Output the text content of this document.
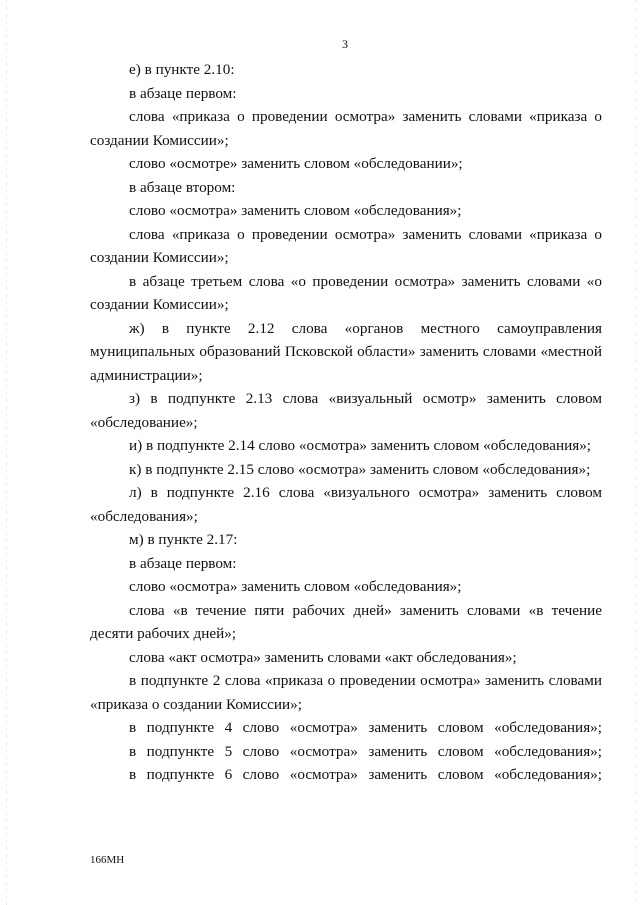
3

е) в пункте 2.10:

в абзаце первом:

слова «приказа о проведении осмотра» заменить словами «приказа о создании Комиссии»;

слово «осмотре» заменить словом «обследовании»;

в абзаце втором:

слово «осмотра» заменить словом «обследования»;

слова «приказа о проведении осмотра» заменить словами «приказа о создании Комиссии»;

в абзаце третьем слова «о проведении осмотра» заменить словами «о создании Комиссии»;

ж) в пункте 2.12 слова «органов местного самоуправления муниципальных образований Псковской области» заменить словами «местной администрации»;

з) в подпункте 2.13 слова «визуальный осмотр» заменить словом «обследование»;

и) в подпункте 2.14 слово «осмотра» заменить словом «обследования»;

к) в подпункте 2.15 слово «осмотра» заменить словом «обследования»;

л) в подпункте 2.16 слова «визуального осмотра» заменить словом «обследования»;

м) в пункте 2.17:

в абзаце первом:

слово «осмотра» заменить словом «обследования»;

слова «в течение пяти рабочих дней» заменить словами «в течение десяти рабочих дней»;

слова «акт осмотра» заменить словами «акт обследования»;

в подпункте 2 слова «приказа о проведении осмотра» заменить словами «приказа о создании Комиссии»;

в подпункте 4 слово «осмотра» заменить словом «обследования»;

в подпункте 5 слово «осмотра» заменить словом «обследования»;

в подпункте 6 слово «осмотра» заменить словом «обследования»;

166МН
